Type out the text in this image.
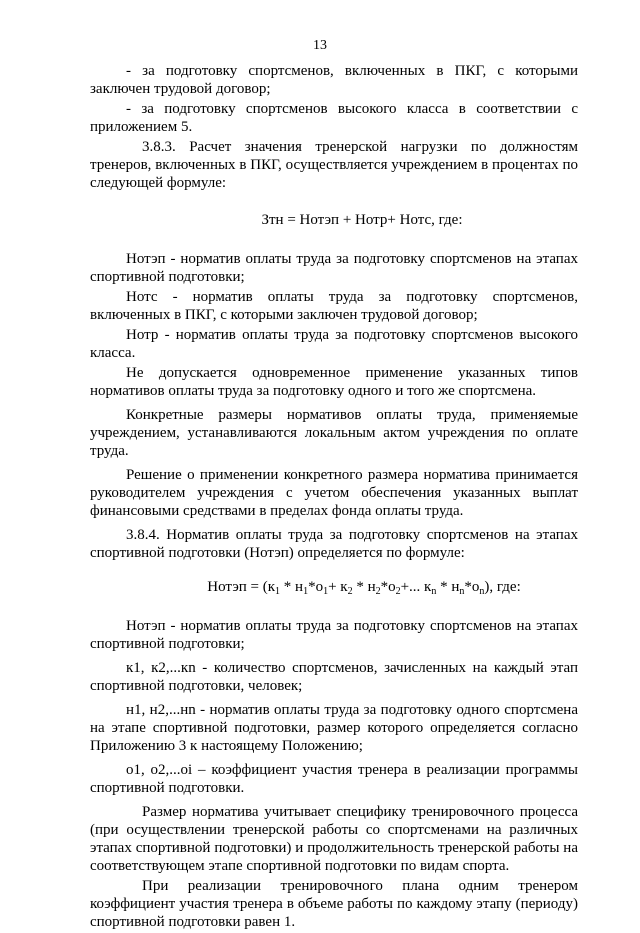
13

- за подготовку спортсменов, включенных в ПКГ, с которыми заключен трудовой договор;

- за подготовку спортсменов высокого класса в соответствии с приложением 5.

3.8.3. Расчет значения тренерской нагрузки по должностям тренеров, включенных в ПКГ, осуществляется учреждением в процентах по следующей формуле:

Зтн = Нотэп + Нотр+ Нотс, где:

Нотэп - норматив оплаты труда за подготовку спортсменов на этапах спортивной подготовки;

Нотс - норматив оплаты труда за подготовку спортсменов, включенных в ПКГ, с которыми заключен трудовой договор;

Нотр - норматив оплаты труда за подготовку спортсменов высокого класса.

Не допускается одновременное применение указанных типов нормативов оплаты труда за подготовку одного и того же спортсмена.

Конкретные размеры нормативов оплаты труда, применяемые учреждением, устанавливаются локальным актом учреждения по оплате труда.

Решение о применении конкретного размера норматива принимается руководителем учреждения с учетом обеспечения указанных выплат финансовыми средствами в пределах фонда оплаты труда.

3.8.4. Норматив оплаты труда за подготовку спортсменов на этапах спортивной подготовки (Нотэп) определяется по формуле:

Нотэп = ($к_1 * н_1*о_1+ к_2 * н_2*о_2+$... $к_n * н_n*о_n$), где:

Нотэп - норматив оплаты труда за подготовку спортсменов на этапах спортивной подготовки;

к1, к2,...кn - количество спортсменов, зачисленных на каждый этап спортивной подготовки, человек;

н1, н2,...нn - норматив оплаты труда за подготовку одного спортсмена на этапе спортивной подготовки, размер которого определяется согласно Приложению 3 к настоящему Положению;

о1, о2,...оi – коэффициент участия тренера в реализации программы спортивной подготовки.

Размер норматива учитывает специфику тренировочного процесса (при осуществлении тренерской работы со спортсменами на различных этапах спортивной подготовки) и продолжительность тренерской работы на соответствующем этапе спортивной подготовки по видам спорта.

При реализации тренировочного плана одним тренером коэффициент участия тренера в объеме работы по каждому этапу (периоду) спортивной подготовки равен 1.
